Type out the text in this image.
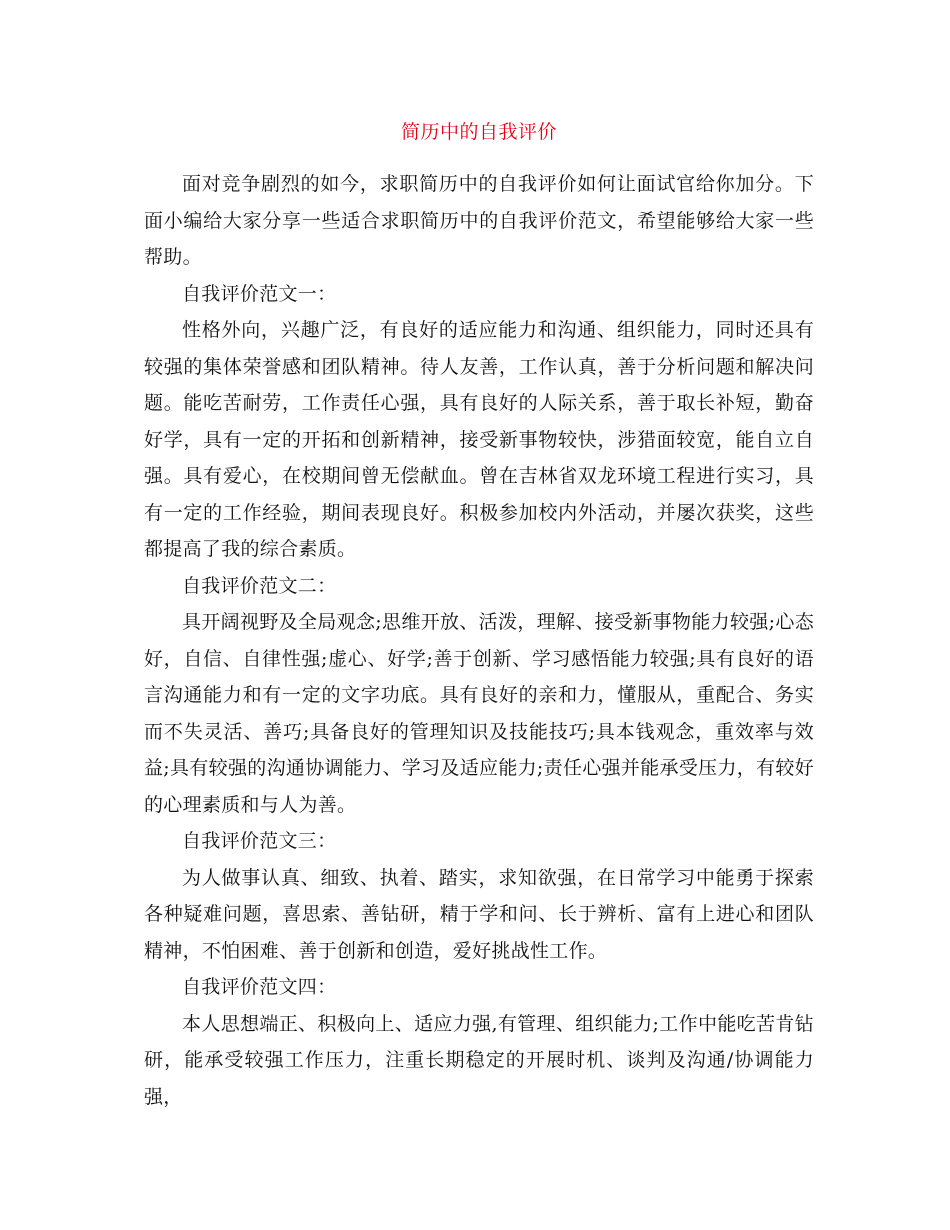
简历中的自我评价

面对竞争剧烈的如今，求职简历中的自我评价如何让面试官给你加分。下面小编给大家分享一些适合求职简历中的自我评价范文，希望能够给大家一些帮助。

自我评价范文一：

性格外向，兴趣广泛，有良好的适应能力和沟通、组织能力，同时还具有较强的集体荣誉感和团队精神。待人友善，工作认真，善于分析问题和解决问题。能吃苦耐劳，工作责任心强，具有良好的人际关系，善于取长补短，勤奋好学，具有一定的开拓和创新精神，接受新事物较快，涉猎面较宽，能自立自强。具有爱心，在校期间曾无偿献血。曾在吉林省双龙环境工程进行实习，具有一定的工作经验，期间表现良好。积极参加校内外活动，并屡次获奖，这些都提高了我的综合素质。

自我评价范文二：

具开阔视野及全局观念;思维开放、活泼，理解、接受新事物能力较强;心态好，自信、自律性强;虚心、好学;善于创新、学习感悟能力较强;具有良好的语言沟通能力和有一定的文字功底。具有良好的亲和力，懂服从，重配合、务实而不失灵活、善巧;具备良好的管理知识及技能技巧;具本钱观念，重效率与效益;具有较强的沟通协调能力、学习及适应能力;责任心强并能承受压力，有较好的心理素质和与人为善。

自我评价范文三：

为人做事认真、细致、执着、踏实，求知欲强，在日常学习中能勇于探索各种疑难问题，喜思索、善钻研，精于学和问、长于辨析、富有上进心和团队精神，不怕困难、善于创新和创造，爱好挑战性工作。

自我评价范文四：

本人思想端正、积极向上、适应力强,有管理、组织能力;工作中能吃苦肯钻研，能承受较强工作压力，注重长期稳定的开展时机、谈判及沟通/协调能力强，
